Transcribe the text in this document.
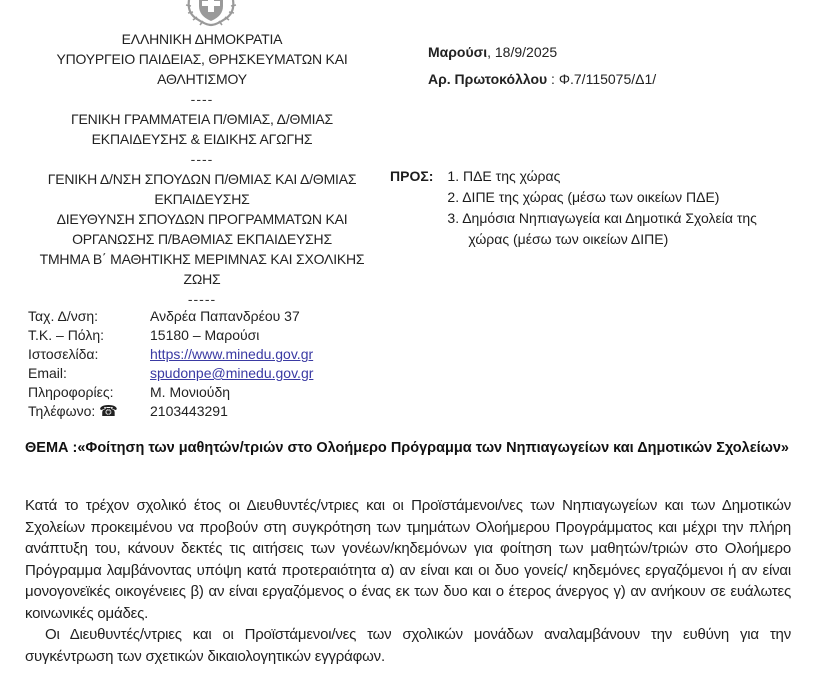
ΕΛΛΗΝΙΚΗ ΔΗΜΟΚΡΑΤΙΑ
ΥΠΟΥΡΓΕΙΟ ΠΑΙΔΕΙΑΣ, ΘΡΗΣΚΕΥΜΑΤΩΝ ΚΑΙ ΑΘΛΗΤΙΣΜΟΥ
----
ΓΕΝΙΚΗ ΓΡΑΜΜΑΤΕΙΑ Π/ΘΜΙΑΣ, Δ/ΘΜΙΑΣ ΕΚΠΑΙΔΕΥΣΗΣ & ΕΙΔΙΚΗΣ ΑΓΩΓΗΣ
----
ΓΕΝΙΚΗ Δ/ΝΣΗ ΣΠΟΥΔΩΝ Π/ΘΜΙΑΣ ΚΑΙ Δ/ΘΜΙΑΣ ΕΚΠΑΙΔΕΥΣΗΣ
ΔΙΕΥΘΥΝΣΗ ΣΠΟΥΔΩΝ ΠΡΟΓΡΑΜΜΑΤΩΝ ΚΑΙ ΟΡΓΑΝΩΣΗΣ Π/ΒΑΘΜΙΑΣ ΕΚΠΑΙΔΕΥΣΗΣ
ΤΜΗΜΑ Β΄ ΜΑΘΗΤΙΚΗΣ ΜΕΡΙΜΝΑΣ ΚΑΙ ΣΧΟΛΙΚΗΣ ΖΩΗΣ
-----
Μαρούσι, 18/9/2025
Αρ. Πρωτοκόλλου : Φ.7/115075/Δ1/
ΠΡΟΣ: 1. ΠΔΕ της χώρας
2. ΔΙΠΕ της χώρας (μέσω των οικείων ΠΔΕ)
3. Δημόσια Νηπιαγωγεία και Δημοτικά Σχολεία της χώρας (μέσω των οικείων ΔΙΠΕ)
Ταχ. Δ/νση:	Ανδρέα Παπανδρέου 37
Τ.Κ. – Πόλη:	15180 – Μαρούσι
Ιστοσελίδα:	https://www.minedu.gov.gr
Email:	spudonpe@minedu.gov.gr
Πληροφορίες:	Μ. Μονιούδη
Τηλέφωνο: ☎	2103443291
ΘΕΜΑ :«Φοίτηση των μαθητών/τριών στο Ολοήμερο Πρόγραμμα των Νηπιαγωγείων και Δημοτικών Σχολείων»

Κατά το τρέχον σχολικό έτος οι Διευθυντές/ντριες και οι Προϊστάμενοι/νες των Νηπιαγωγείων και των Δημοτικών Σχολείων προκειμένου να προβούν στη συγκρότηση των τμημάτων Ολοήμερου Προγράμματος και μέχρι την πλήρη ανάπτυξη του, κάνουν δεκτές τις αιτήσεις των γονέων/κηδεμόνων για φοίτηση των μαθητών/τριών στο Ολοήμερο Πρόγραμμα λαμβάνοντας υπόψη κατά προτεραιότητα α) αν είναι και οι δυο γονείς/ κηδεμόνες εργαζόμενοι ή αν είναι μονογονεϊκές οικογένειες β) αν είναι εργαζόμενος ο ένας εκ των δυο και ο έτερος άνεργος γ) αν ανήκουν σε ευάλωτες κοινωνικές ομάδες.

Οι Διευθυντές/ντριες και οι Προϊστάμενοι/νες των σχολικών μονάδων αναλαμβάνουν την ευθύνη για την συγκέντρωση των σχετικών δικαιολογητικών εγγράφων.
